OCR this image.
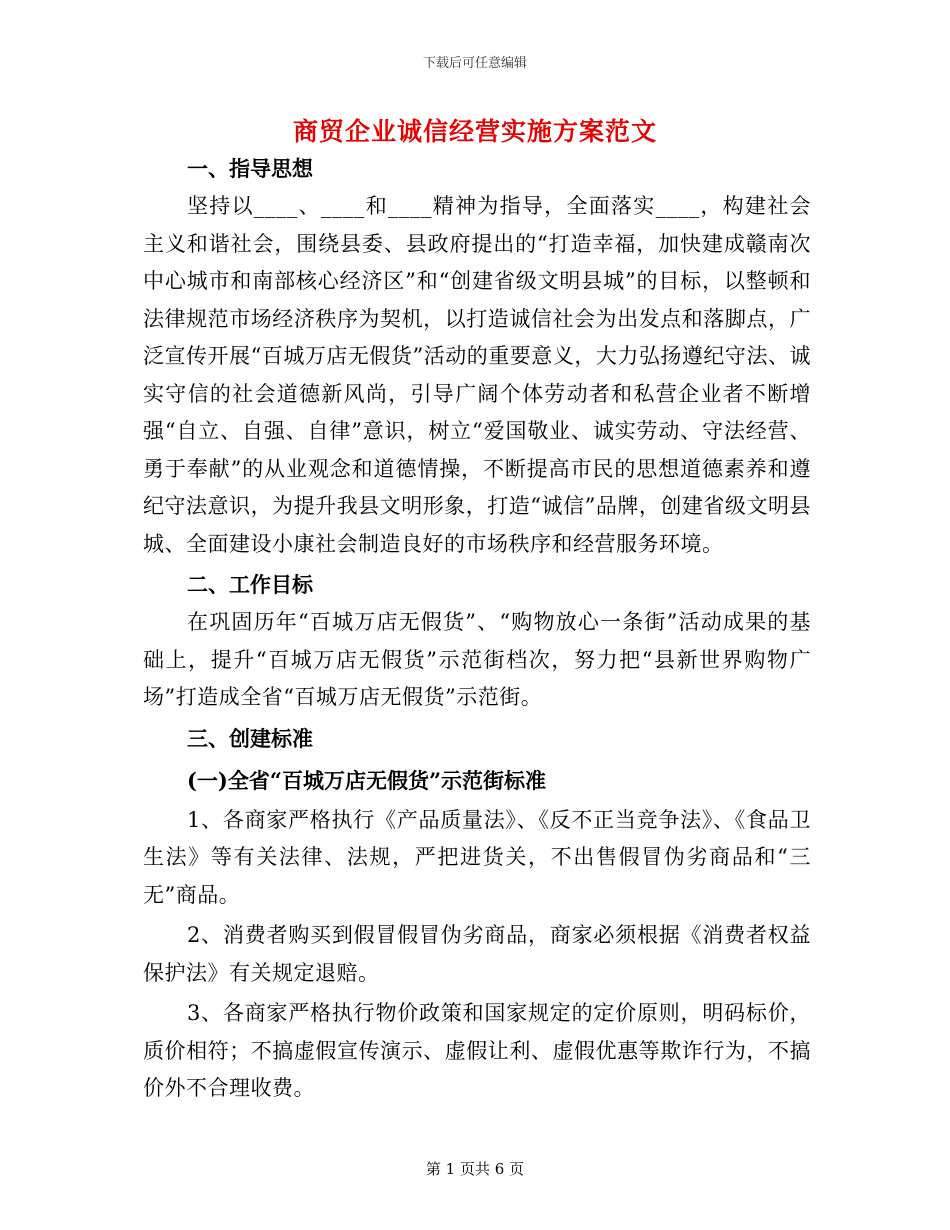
下载后可任意编辑
商贸企业诚信经营实施方案范文
一、指导思想

坚持以____、____和____精神为指导，全面落实____，构建社会主义和谐社会，围绕县委、县政府提出的“打造幸福，加快建成赣南次中心城市和南部核心经济区”和“创建省级文明县城”的目标，以整顿和法律规范市场经济秩序为契机，以打造诚信社会为出发点和落脚点，广泛宣传开展“百城万店无假货”活动的重要意义，大力弘扬遵纪守法、诚实守信的社会道德新风尚，引导广阔个体劳动者和私营企业者不断增强“自立、自强、自律”意识，树立“爱国敬业、诚实劳动、守法经营、勇于奉献”的从业观念和道德情操，不断提高市民的思想道德素养和遵纪守法意识，为提升我县文明形象，打造“诚信”品牌，创建省级文明县城、全面建设小康社会制造良好的市场秩序和经营服务环境。

二、工作目标

在巩固历年“百城万店无假货”、“购物放心一条街”活动成果的基础上，提升“百城万店无假货”示范街档次，努力把“县新世界购物广场”打造成全省“百城万店无假货”示范街。

三、创建标准
(一)全省“百城万店无假货”示范街标准

1、各商家严格执行《产品质量法》、《反不正当竞争法》、《食品卫生法》等有关法律、法规，严把进货关，不出售假冒伪劣商品和“三无”商品。

2、消费者购买到假冒假冒伪劣商品，商家必须根据《消费者权益保护法》有关规定退赔。

3、各商家严格执行物价政策和国家规定的定价原则，明码标价，质价相符；不搞虚假宣传演示、虚假让利、虚假优惠等欺诈行为，不搞价外不合理收费。

第 1 页共 6 页
